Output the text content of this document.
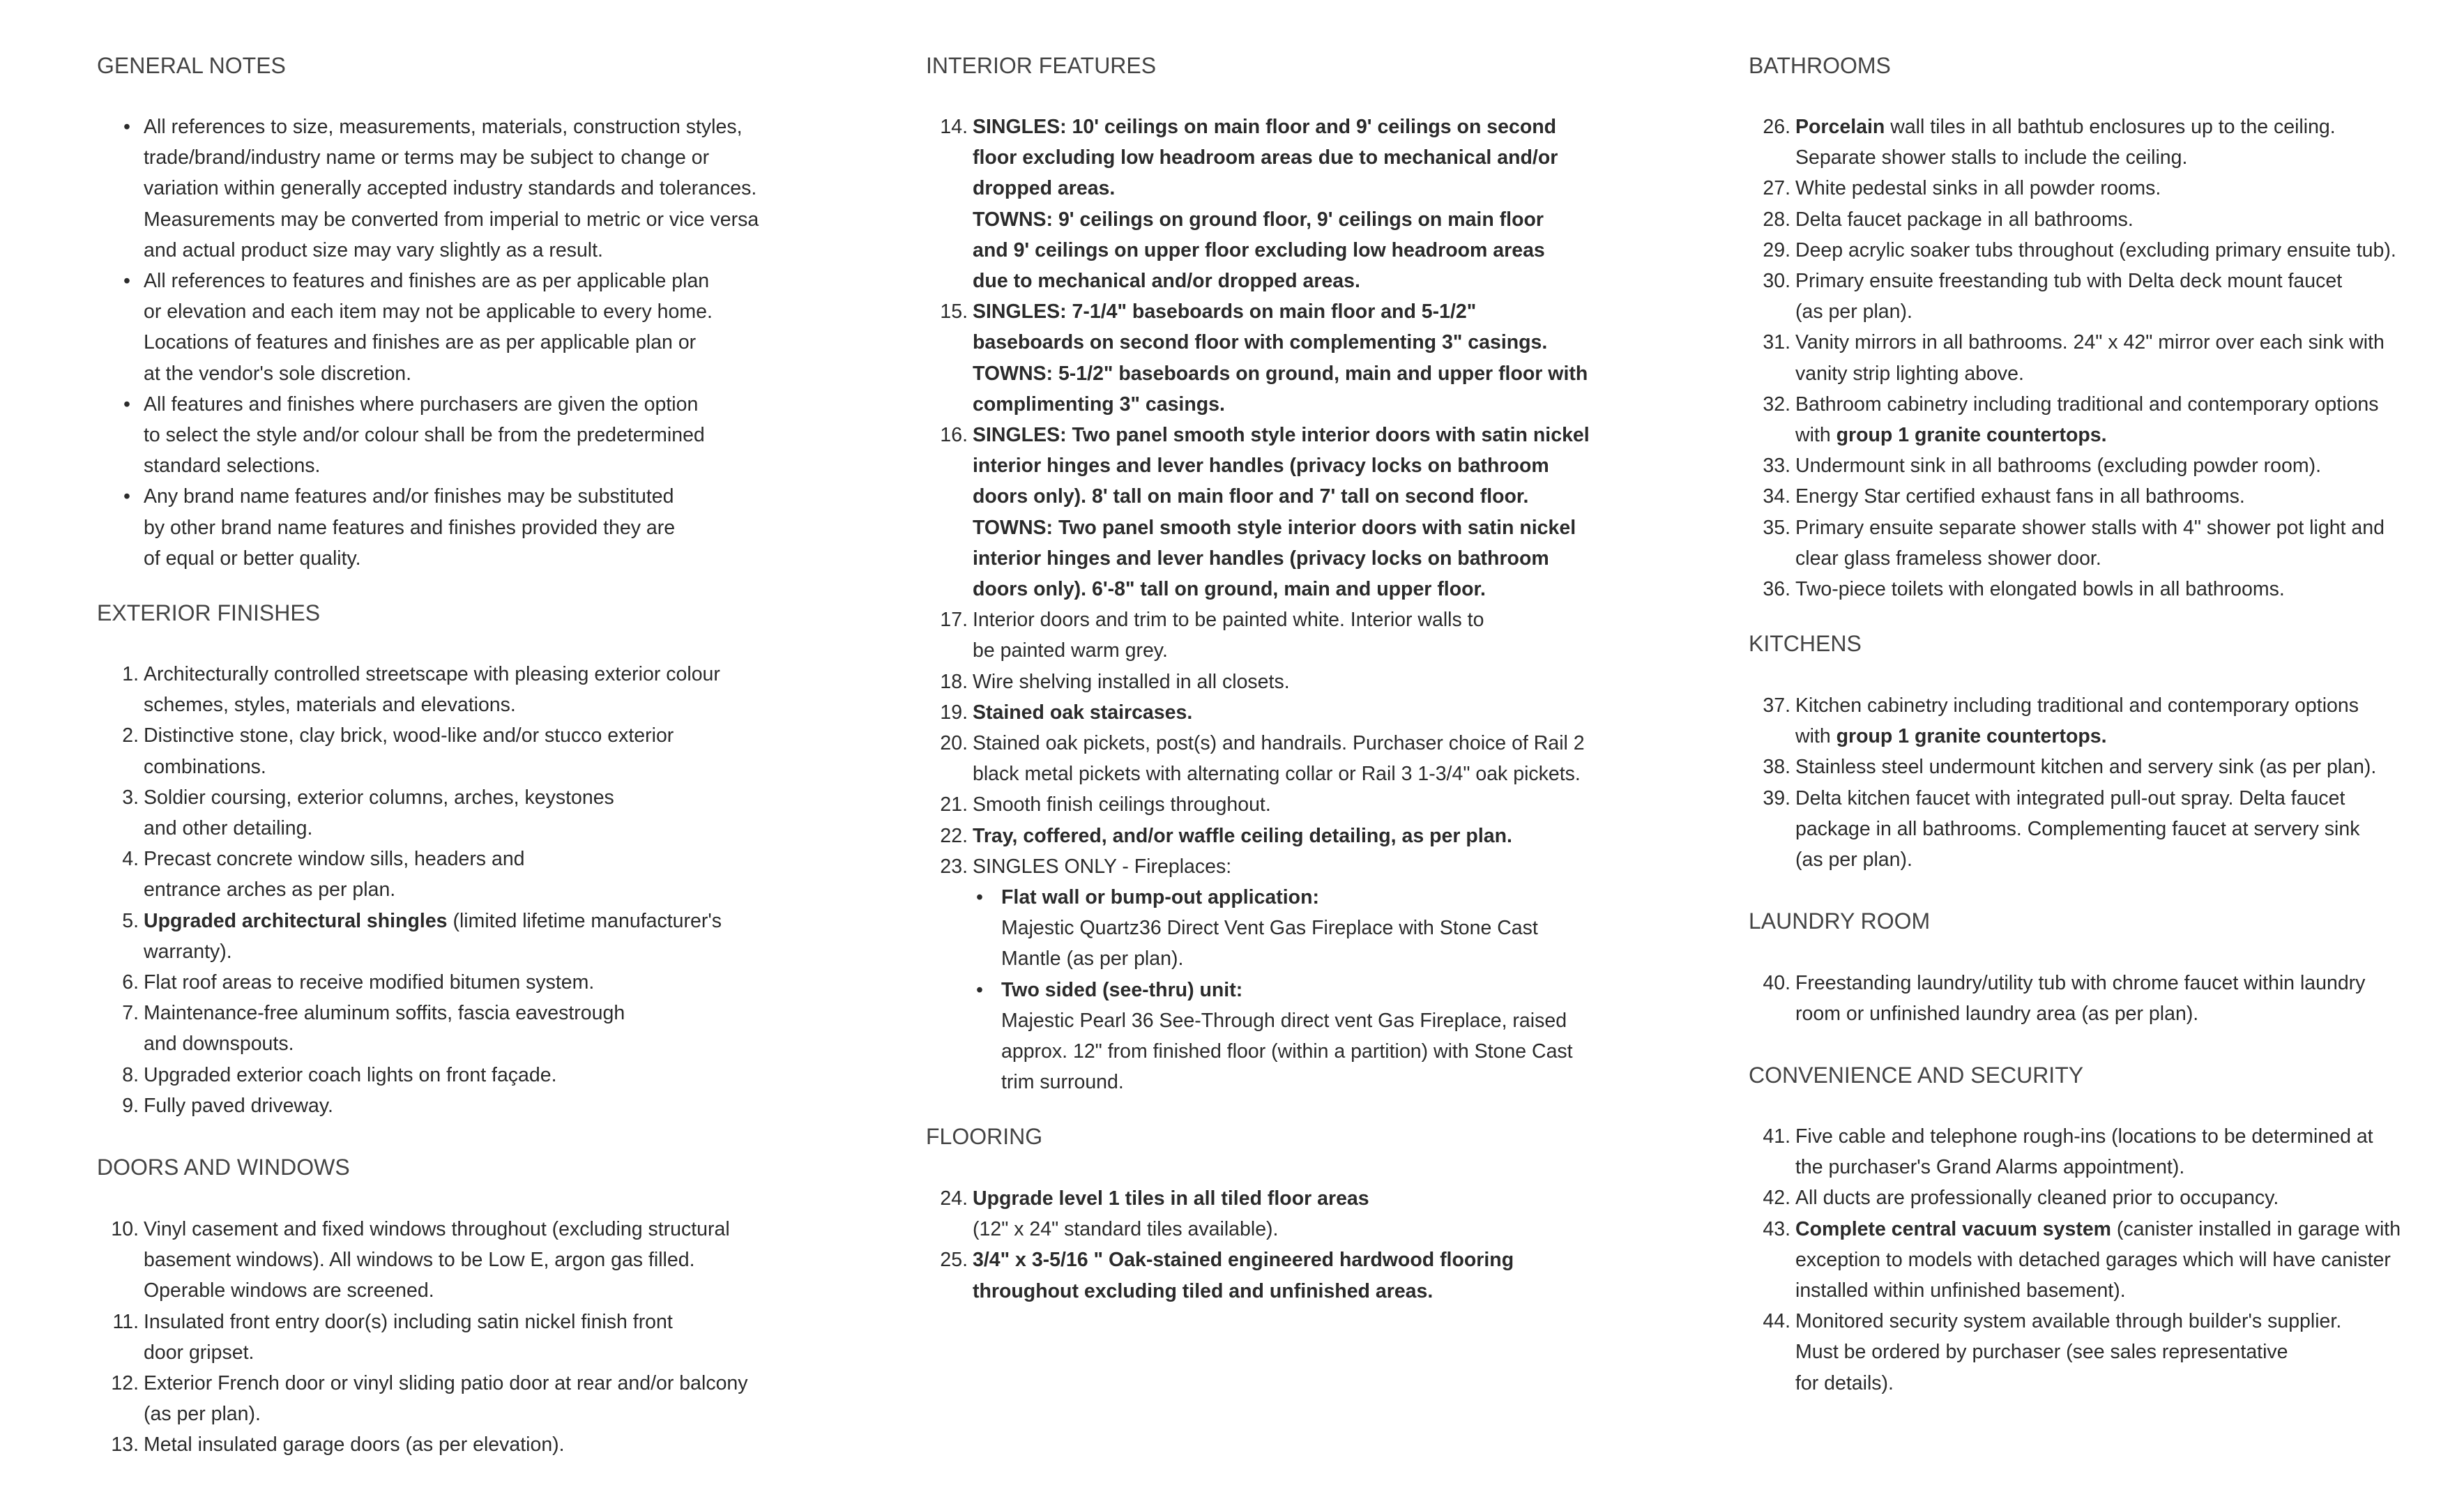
GENERAL NOTES
• All references to size, measurements, materials, construction styles,
trade/brand/industry name or terms may be subject to change or
variation within generally accepted industry standards and tolerances.
Measurements may be converted from imperial to metric or vice versa
and actual product size may vary slightly as a result.
• All references to features and finishes are as per applicable plan
or elevation and each item may not be applicable to every home.
Locations of features and finishes are as per applicable plan or
at the vendor's sole discretion.
• All features and finishes where purchasers are given the option
to select the style and/or colour shall be from the predetermined
standard selections.
• Any brand name features and/or finishes may be substituted
by other brand name features and finishes provided they are
of equal or better quality.
EXTERIOR FINISHES
1. Architecturally controlled streetscape with pleasing exterior colour
schemes, styles, materials and elevations.
2. Distinctive stone, clay brick, wood-like and/or stucco exterior
combinations.
3. Soldier coursing, exterior columns, arches, keystones
and other detailing.
4. Precast concrete window sills, headers and
entrance arches as per plan.
5. Upgraded architectural shingles (limited lifetime manufacturer's
warranty).
6. Flat roof areas to receive modified bitumen system.
7. Maintenance-free aluminum soffits, fascia eavestrough
and downspouts.
8. Upgraded exterior coach lights on front façade.
9. Fully paved driveway.
DOORS AND WINDOWS
10. Vinyl casement and fixed windows throughout (excluding structural
basement windows). All windows to be Low E, argon gas filled.
Operable windows are screened.
11. Insulated front entry door(s) including satin nickel finish front
door gripset.
12. Exterior French door or vinyl sliding patio door at rear and/or balcony
(as per plan).
13. Metal insulated garage doors (as per elevation).
INTERIOR FEATURES
14. SINGLES: 10' ceilings on main floor and 9' ceilings on second
floor excluding low headroom areas due to mechanical and/or
dropped areas.
TOWNS: 9' ceilings on ground floor, 9' ceilings on main floor
and 9' ceilings on upper floor excluding low headroom areas
due to mechanical and/or dropped areas.
15. SINGLES: 7-1/4" baseboards on main floor and 5-1/2"
baseboards on second floor with complementing 3" casings.
TOWNS: 5-1/2" baseboards on ground, main and upper floor with
complimenting 3" casings.
16. SINGLES: Two panel smooth style interior doors with satin nickel
interior hinges and lever handles (privacy locks on bathroom
doors only). 8' tall on main floor and 7' tall on second floor.
TOWNS: Two panel smooth style interior doors with satin nickel
interior hinges and lever handles (privacy locks on bathroom
doors only). 6'-8" tall on ground, main and upper floor.
17. Interior doors and trim to be painted white. Interior walls to
be painted warm grey.
18. Wire shelving installed in all closets.
19. Stained oak staircases.
20. Stained oak pickets, post(s) and handrails. Purchaser choice of Rail 2
black metal pickets with alternating collar or Rail 3 1-3/4" oak pickets.
21. Smooth finish ceilings throughout.
22. Tray, coffered, and/or waffle ceiling detailing, as per plan.
23. SINGLES ONLY - Fireplaces:
• Flat wall or bump-out application:
Majestic Quartz36 Direct Vent Gas Fireplace with Stone Cast
Mantle (as per plan).
• Two sided (see-thru) unit:
Majestic Pearl 36 See-Through direct vent Gas Fireplace, raised
approx. 12" from finished floor (within a partition) with Stone Cast
trim surround.
FLOORING
24. Upgrade level 1 tiles in all tiled floor areas
(12" x 24" standard tiles available).
25. 3/4" x 3-5/16 " Oak-stained engineered hardwood flooring
throughout excluding tiled and unfinished areas.
BATHROOMS
26. Porcelain wall tiles in all bathtub enclosures up to the ceiling.
Separate shower stalls to include the ceiling.
27. White pedestal sinks in all powder rooms.
28. Delta faucet package in all bathrooms.
29. Deep acrylic soaker tubs throughout (excluding primary ensuite tub).
30. Primary ensuite freestanding tub with Delta deck mount faucet
(as per plan).
31. Vanity mirrors in all bathrooms. 24" x 42" mirror over each sink with
vanity strip lighting above.
32. Bathroom cabinetry including traditional and contemporary options
with group 1 granite countertops.
33. Undermount sink in all bathrooms (excluding powder room).
34. Energy Star certified exhaust fans in all bathrooms.
35. Primary ensuite separate shower stalls with 4" shower pot light and
clear glass frameless shower door.
36. Two-piece toilets with elongated bowls in all bathrooms.
KITCHENS
37. Kitchen cabinetry including traditional and contemporary options
with group 1 granite countertops.
38. Stainless steel undermount kitchen and servery sink (as per plan).
39. Delta kitchen faucet with integrated pull-out spray. Delta faucet
package in all bathrooms. Complementing faucet at servery sink
(as per plan).
LAUNDRY ROOM
40. Freestanding laundry/utility tub with chrome faucet within laundry
room or unfinished laundry area (as per plan).
CONVENIENCE AND SECURITY
41. Five cable and telephone rough-ins (locations to be determined at
the purchaser's Grand Alarms appointment).
42. All ducts are professionally cleaned prior to occupancy.
43. Complete central vacuum system (canister installed in garage with
exception to models with detached garages which will have canister
installed within unfinished basement).
44. Monitored security system available through builder's supplier.
Must be ordered by purchaser (see sales representative
for details).
